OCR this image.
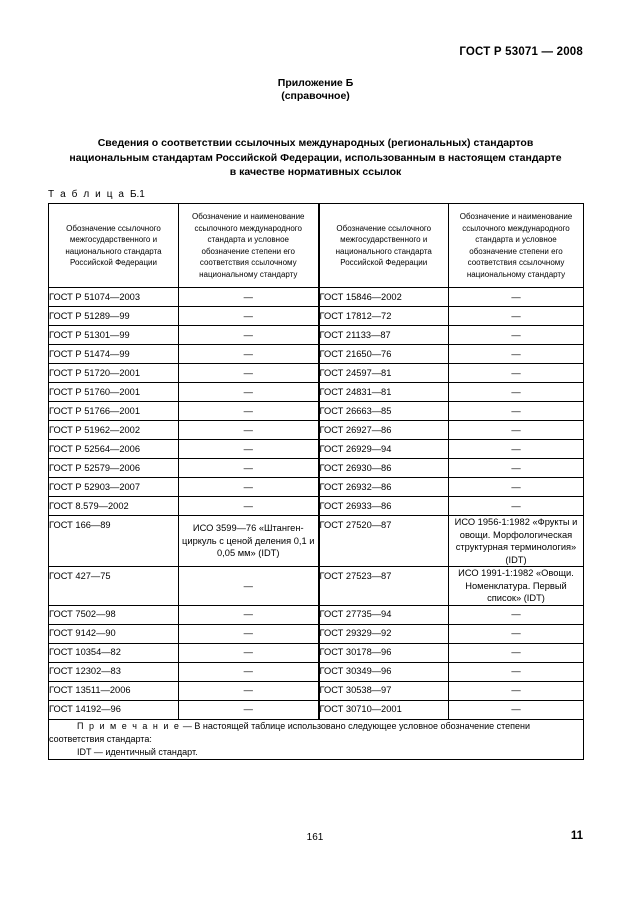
ГОСТ Р 53071 — 2008
Приложение Б
(справочное)
Сведения о соответствии ссылочных международных (региональных) стандартов
национальным стандартам Российской Федерации, использованным в настоящем стандарте
в качестве нормативных ссылок
Т а б л и ц а Б.1
Обозначение ссылочного
межгосударственного и
национального стандарта
Российской Федерации

Обозначение и наименование
ссылочного международного
стандарта и условное
обозначение степени его
соответствия ссылочному
национальному стандарту

Обозначение ссылочного
межгосударственного и
национального стандарта
Российской Федерации

Обозначение и наименование
ссылочного международного
стандарта и условное
обозначение степени его
соответствия ссылочному
национальному стандарту

ГОСТ Р 51074—2003	—	ГОСТ 15846—2002	—
ГОСТ Р 51289—99	—	ГОСТ 17812—72	—
ГОСТ Р 51301—99	—	ГОСТ 21133—87	—
ГОСТ Р 51474—99	—	ГОСТ 21650—76	—
ГОСТ Р 51720—2001	—	ГОСТ 24597—81	—
ГОСТ Р 51760—2001	—	ГОСТ 24831—81	—
ГОСТ Р 51766—2001	—	ГОСТ 26663—85	—
ГОСТ Р 51962—2002	—	ГОСТ 26927—86	—
ГОСТ Р 52564—2006	—	ГОСТ 26929—94	—
ГОСТ Р 52579—2006	—	ГОСТ 26930—86	—
ГОСТ Р 52903—2007	—	ГОСТ 26932—86	—
ГОСТ 8.579—2002	—	ГОСТ 26933—86	—
ГОСТ 166—89	ИСО 3599—76 «Штанген-циркуль с ценой деления 0,1 и 0,05 мм» (IDT)	ГОСТ 27520—87	ИСО 1956-1:1982 «Фрукты и овощи. Морфологическая структурная терминология» (IDT)
ГОСТ 427—75	—	ГОСТ 27523—87	ИСО 1991-1:1982 «Овощи. Номенклатура. Первый список» (IDT)
ГОСТ 7502—98	—	ГОСТ 27735—94	—
ГОСТ 9142—90	—	ГОСТ 29329—92	—
ГОСТ 10354—82	—	ГОСТ 30178—96	—
ГОСТ 12302—83	—	ГОСТ 30349—96	—
ГОСТ 13511—2006	—	ГОСТ 30538—97	—
ГОСТ 14192—96	—	ГОСТ 30710—2001	—

П р и м е ч а н и е — В настоящей таблице использовано следующее условное обозначение степени соответствия стандарта:
IDT — идентичный стандарт.			
161	11
